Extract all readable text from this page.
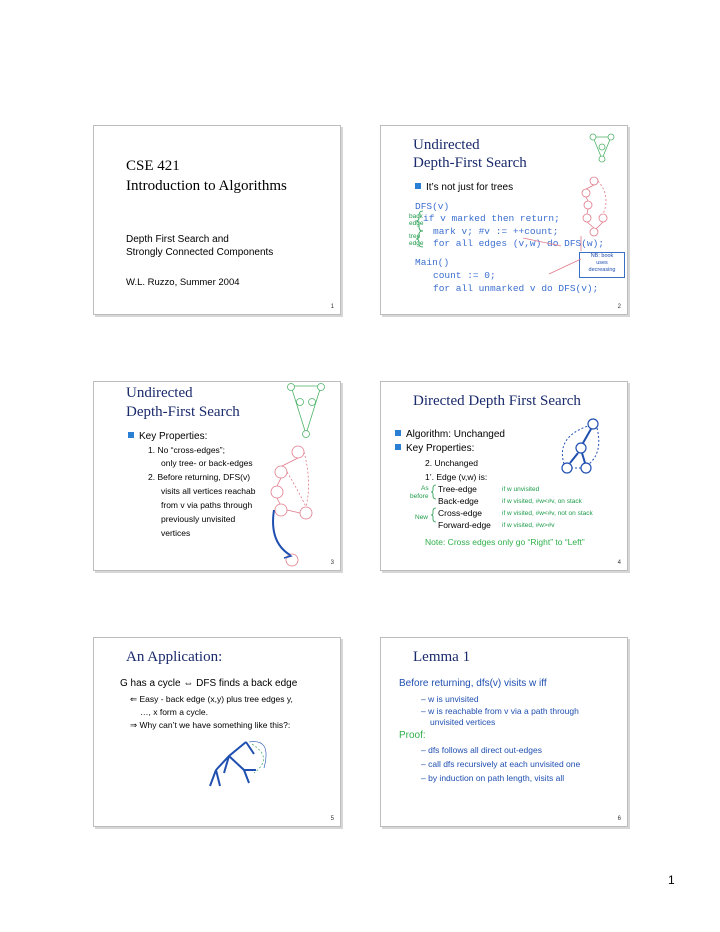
CSE 421
Introduction to Algorithms
Depth First Search and
Strongly Connected Components
W.L. Ruzzo, Summer 2004
1
Undirected
Depth-First Search
It’s not just for trees
DFS(v)
if v marked then return;
mark v; #v := ++count;
for all edges (v,w) do DFS(w);
Main()
count := 0;
for all unmarked v do DFS(v);
back
edge
tree
edge
NB: book
uses
decreasing
2
Undirected
Depth-First Search
Key Properties:
1. No “cross-edges”;
only tree- or back-edges
2. Before returning, DFS(v)
visits all vertices reachab
from v via paths through
previously unvisited
vertices
3
Directed Depth First Search
Algorithm: Unchanged
Key Properties:
2. Unchanged
1’. Edge (v,w) is:
As
before
New
Tree-edge
Back-edge
Cross-edge
Forward-edge
if w unvisited
if w visited, #w<#v, on stack
if w visited, #w<#v, not on stack
if w visited, #w>#v
Note: Cross edges only go “Right” to “Left”
4
An Application:
G has a cycle ⇔ DFS finds a back edge
⇐ Easy - back edge (x,y) plus tree edges y,
…, x form a cycle.
⇒ Why can’t we have something like this?:
5
Lemma 1
Before returning, dfs(v) visits w iff
– w is unvisited
– w is reachable from v via a path through
unvisited vertices
Proof:
– dfs follows all direct out-edges
– call dfs recursively at each unvisited one
– by induction on path length, visits all
6
1
